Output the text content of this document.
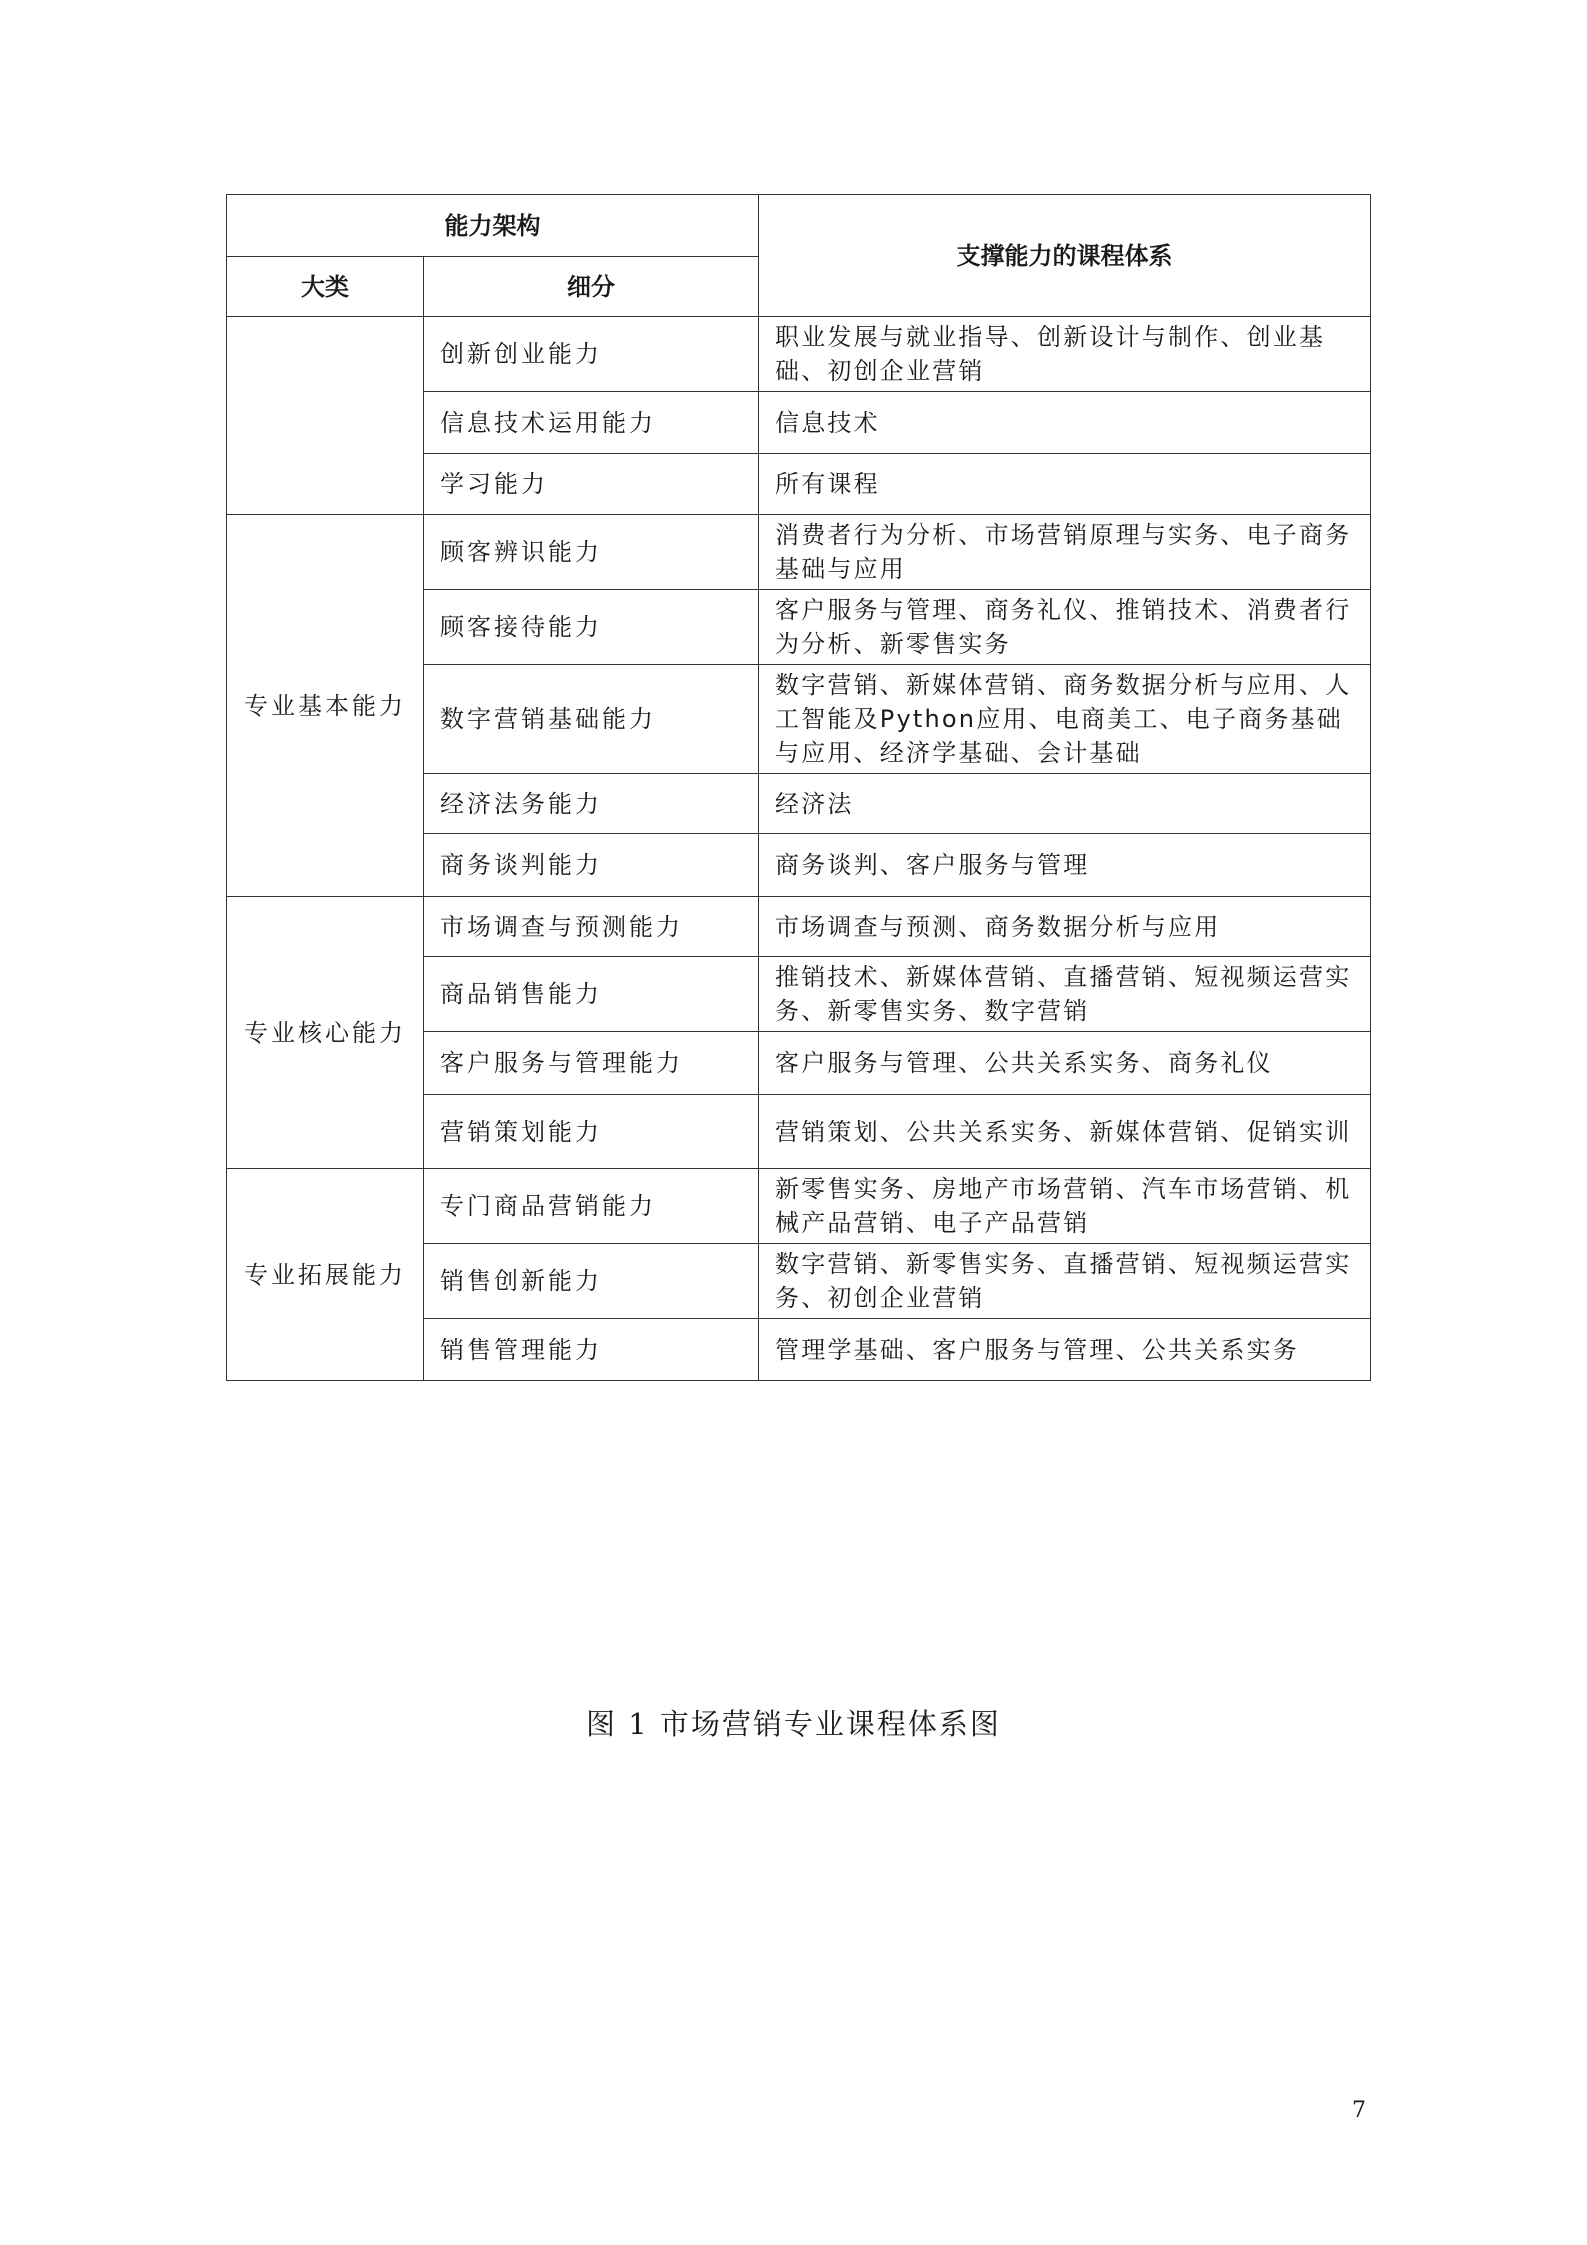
能力架构		支撑能力的课程体系
大类	细分	
	创新创业能力	职业发展与就业指导、创新设计与制作、创业基础、初创企业营销
	信息技术运用能力	信息技术
	学习能力	所有课程
专业基本能力	顾客辨识能力	消费者行为分析、市场营销原理与实务、电子商务基础与应用
	顾客接待能力	客户服务与管理、商务礼仪、推销技术、消费者行为分析、新零售实务
	数字营销基础能力	数字营销、新媒体营销、商务数据分析与应用、人工智能及Python应用、电商美工、电子商务基础与应用、经济学基础、会计基础
	经济法务能力	经济法
	商务谈判能力	商务谈判、客户服务与管理
专业核心能力	市场调查与预测能力	市场调查与预测、商务数据分析与应用
	商品销售能力	推销技术、新媒体营销、直播营销、短视频运营实务、新零售实务、数字营销
	客户服务与管理能力	客户服务与管理、公共关系实务、商务礼仪
	营销策划能力	营销策划、公共关系实务、新媒体营销、促销实训
专业拓展能力	专门商品营销能力	新零售实务、房地产市场营销、汽车市场营销、机械产品营销、电子产品营销
	销售创新能力	数字营销、新零售实务、直播营销、短视频运营实务、初创企业营销
	销售管理能力	管理学基础、客户服务与管理、公共关系实务
图 1 市场营销专业课程体系图
7
